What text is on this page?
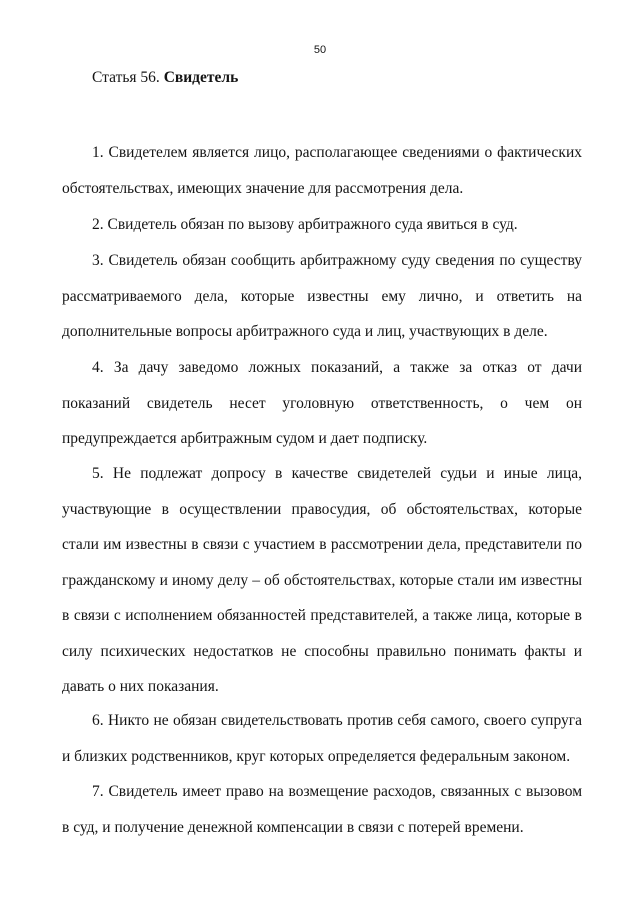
50
Статья 56. Свидетель

1. Свидетелем является лицо, располагающее сведениями о фактических обстоятельствах, имеющих значение для рассмотрения дела.

2. Свидетель обязан по вызову арбитражного суда явиться в суд.

3. Свидетель обязан сообщить арбитражному суду сведения по существу рассматриваемого дела, которые известны ему лично, и ответить на дополнительные вопросы арбитражного суда и лиц, участвующих в деле.

4. За дачу заведомо ложных показаний, а также за отказ от дачи показаний свидетель несет уголовную ответственность, о чем он предупреждается арбитражным судом и дает подписку.

5. Не подлежат допросу в качестве свидетелей судьи и иные лица, участвующие в осуществлении правосудия, об обстоятельствах, которые стали им известны в связи с участием в рассмотрении дела, представители по гражданскому и иному делу – об обстоятельствах, которые стали им известны в связи с исполнением обязанностей представителей, а также лица, которые в силу психических недостатков не способны правильно понимать факты и давать о них показания.

6. Никто не обязан свидетельствовать против себя самого, своего супруга и близких родственников, круг которых определяется федеральным законом.

7. Свидетель имеет право на возмещение расходов, связанных с вызовом в суд, и получение денежной компенсации в связи с потерей времени.
